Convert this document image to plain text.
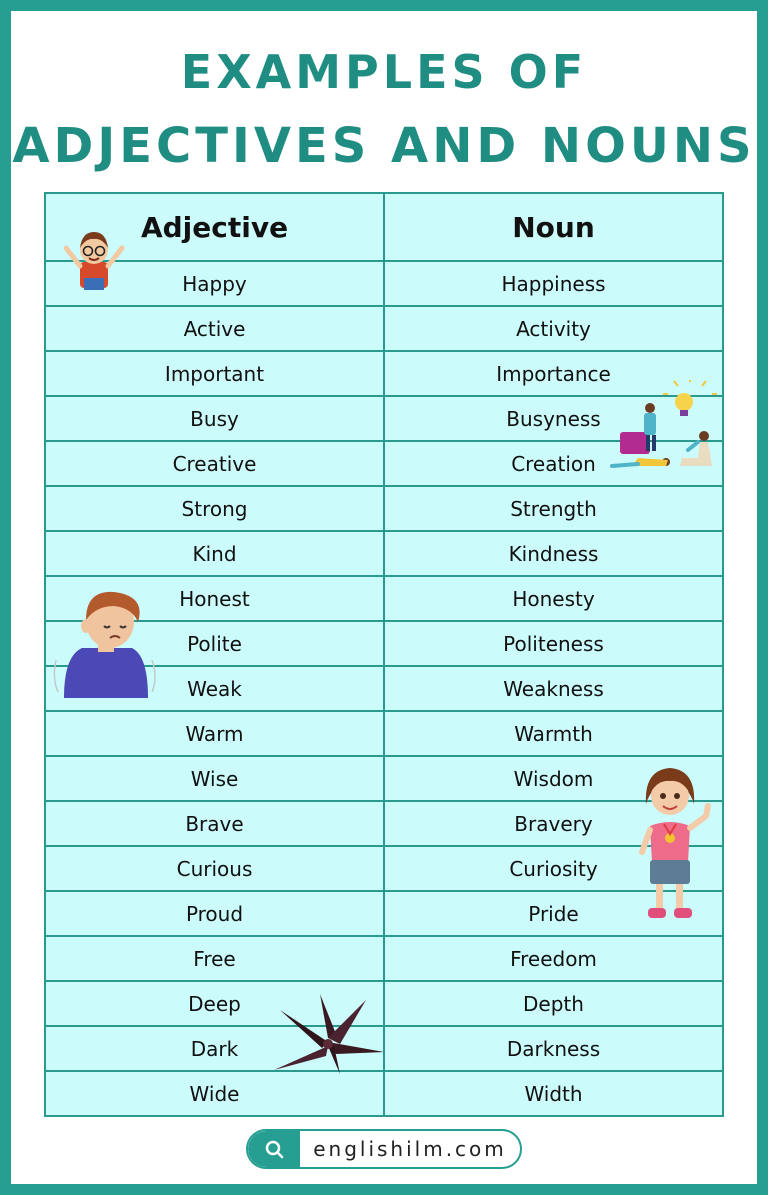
EXAMPLES OF
ADJECTIVES AND NOUNS
Adjective	Noun
Happy	Happiness
Active	Activity
Important	Importance
Busy	Busyness
Creative	Creation
Strong	Strength
Kind	Kindness
Honest	Honesty
Polite	Politeness
Weak	Weakness
Warm	Warmth
Wise	Wisdom
Brave	Bravery
Curious	Curiosity
Proud	Pride
Free	Freedom
Deep	Depth
Dark	Darkness
Wide	Width
englishilm.com
